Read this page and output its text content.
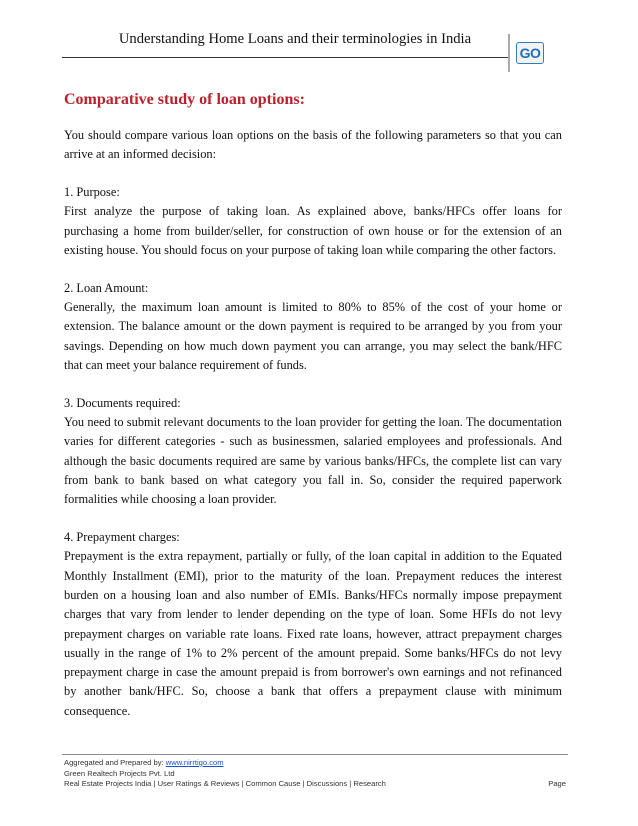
Understanding Home Loans and their terminologies in India
GO
Comparative study of loan options:

You should compare various loan options on the basis of the following parameters so that you can arrive at an informed decision:

1. Purpose:

First analyze the purpose of taking loan. As explained above, banks/HFCs offer loans for purchasing a home from builder/seller, for construction of own house or for the extension of an existing house. You should focus on your purpose of taking loan while comparing the other factors.

2. Loan Amount:

Generally, the maximum loan amount is limited to 80% to 85% of the cost of your home or extension. The balance amount or the down payment is required to be arranged by you from your savings. Depending on how much down payment you can arrange, you may select the bank/HFC that can meet your balance requirement of funds.

3. Documents required:

You need to submit relevant documents to the loan provider for getting the loan. The documentation varies for different categories - such as businessmen, salaried employees and professionals. And although the basic documents required are same by various banks/HFCs, the complete list can vary from bank to bank based on what category you fall in. So, consider the required paperwork formalities while choosing a loan provider.

4. Prepayment charges:

Prepayment is the extra repayment, partially or fully, of the loan capital in addition to the Equated Monthly Installment (EMI), prior to the maturity of the loan. Prepayment reduces the interest burden on a housing loan and also number of EMIs. Banks/HFCs normally impose prepayment charges that vary from lender to lender depending on the type of loan. Some HFIs do not levy prepayment charges on variable rate loans. Fixed rate loans, however, attract prepayment charges usually in the range of 1% to 2% percent of the amount prepaid. Some banks/HFCs do not levy prepayment charge in case the amount prepaid is from borrower's own earnings and not refinanced by another bank/HFC. So, choose a bank that offers a prepayment clause with minimum consequence.

Aggregated and Prepared by: www.nirrtigo.com
Green Realtech Projects Pvt. Ltd
Real Estate Projects India | User Ratings & Reviews | Common Cause | Discussions | Research	Page
